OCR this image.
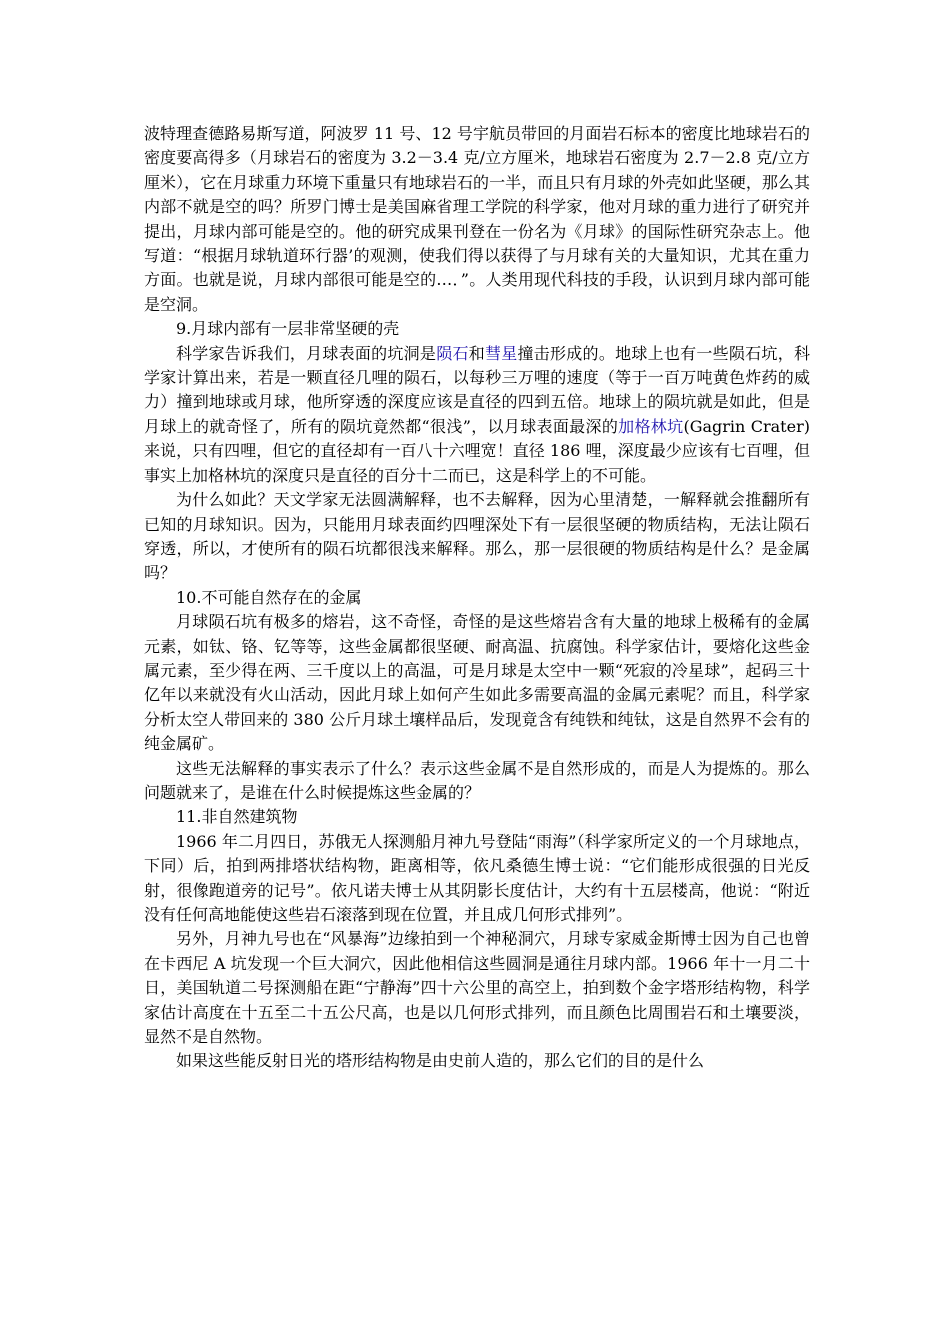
波特理查德路易斯写道，阿波罗 11 号、12 号宇航员带回的月面岩石标本的密度比地球岩石的密度要高得多（月球岩石的密度为 3.2－3.4 克/立方厘米，地球岩石密度为 2.7－2.8 克/立方厘米），它在月球重力环境下重量只有地球岩石的一半，而且只有月球的外壳如此坚硬，那么其内部不就是空的吗？所罗门博士是美国麻省理工学院的科学家，他对月球的重力进行了研究并提出，月球内部可能是空的。他的研究成果刊登在一份名为《月球》的国际性研究杂志上。他写道：“根据月球轨道环行器’的观测，使我们得以获得了与月球有关的大量知识，尤其在重力方面。也就是说，月球内部很可能是空的…．”。人类用现代科技的手段，认识到月球内部可能是空洞。

9.月球内部有一层非常坚硬的壳

科学家告诉我们，月球表面的坑洞是陨石和彗星撞击形成的。地球上也有一些陨石坑，科学家计算出来，若是一颗直径几哩的陨石，以每秒三万哩的速度（等于一百万吨黄色炸药的威力）撞到地球或月球，他所穿透的深度应该是直径的四到五倍。地球上的陨坑就是如此，但是月球上的就奇怪了，所有的陨坑竟然都“很浅”，以月球表面最深的加格林坑(Gagrin Crater)来说，只有四哩，但它的直径却有一百八十六哩宽！直径 186 哩，深度最少应该有七百哩，但事实上加格林坑的深度只是直径的百分十二而已，这是科学上的不可能。

为什么如此？天文学家无法圆满解释，也不去解释，因为心里清楚，一解释就会推翻所有已知的月球知识。因为，只能用月球表面约四哩深处下有一层很坚硬的物质结构，无法让陨石穿透，所以，才使所有的陨石坑都很浅来解释。那么，那一层很硬的物质结构是什么？是金属吗？

10.不可能自然存在的金属

月球陨石坑有极多的熔岩，这不奇怪，奇怪的是这些熔岩含有大量的地球上极稀有的金属元素，如钛、铬、钇等等，这些金属都很坚硬、耐高温、抗腐蚀。科学家估计，要熔化这些金属元素，至少得在两、三千度以上的高温，可是月球是太空中一颗“死寂的冷星球”，起码三十亿年以来就没有火山活动，因此月球上如何产生如此多需要高温的金属元素呢？而且，科学家分析太空人带回来的 380 公斤月球土壤样品后，发现竟含有纯铁和纯钛，这是自然界不会有的纯金属矿。

这些无法解释的事实表示了什么？表示这些金属不是自然形成的，而是人为提炼的。那么问题就来了，是谁在什么时候提炼这些金属的？

11.非自然建筑物

1966 年二月四日，苏俄无人探测船月神九号登陆“雨海”（科学家所定义的一个月球地点，下同）后，拍到两排塔状结构物，距离相等，依凡桑德生博士说：“它们能形成很强的日光反射，很像跑道旁的记号”。依凡诺夫博士从其阴影长度估计，大约有十五层楼高，他说：“附近没有任何高地能使这些岩石滚落到现在位置，并且成几何形式排列”。

另外，月神九号也在“风暴海”边缘拍到一个神秘洞穴，月球专家威金斯博士因为自己也曾在卡西尼 A 坑发现一个巨大洞穴，因此他相信这些圆洞是通往月球内部。1966 年十一月二十日，美国轨道二号探测船在距“宁静海”四十六公里的高空上，拍到数个金字塔形结构物，科学家估计高度在十五至二十五公尺高，也是以几何形式排列，而且颜色比周围岩石和土壤要淡，显然不是自然物。

如果这些能反射日光的塔形结构物是由史前人造的，那么它们的目的是什么
